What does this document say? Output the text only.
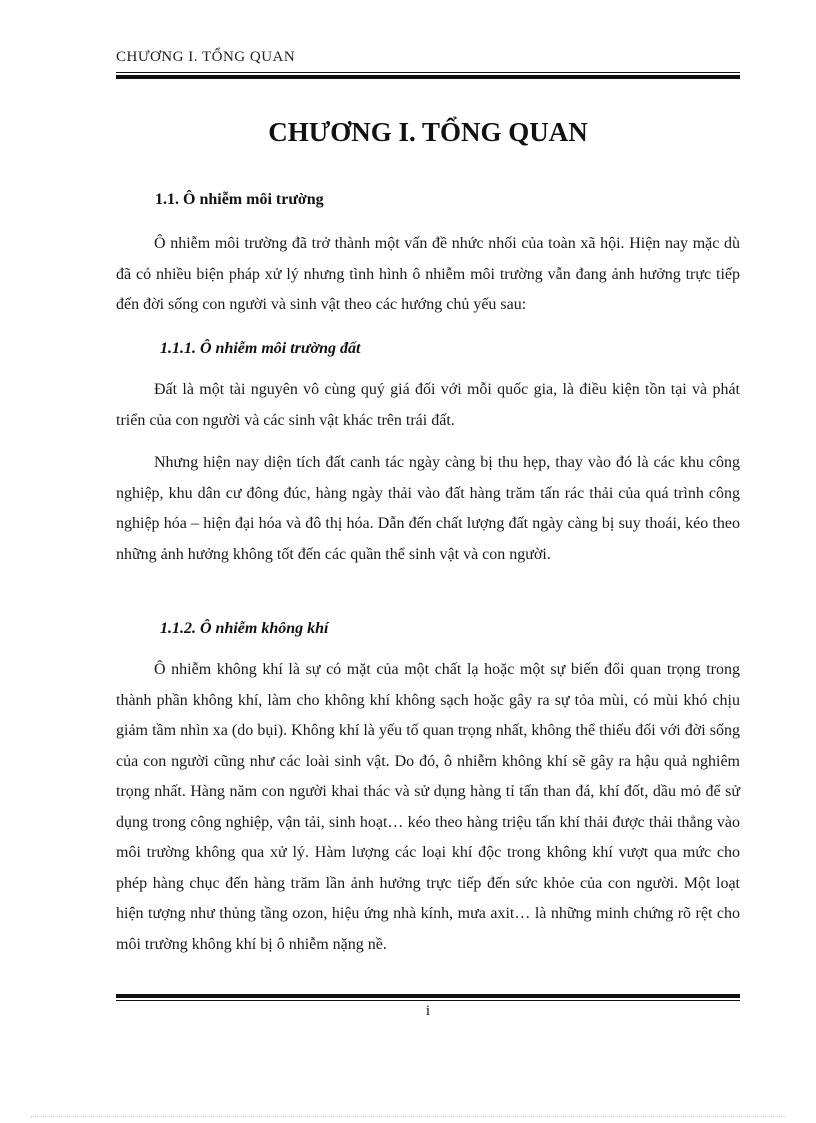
CHƯƠNG I. TỔNG QUAN
CHƯƠNG I. TỔNG QUAN
1.1. Ô nhiễm môi trường

Ô nhiễm môi trường đã trở thành một vấn đề nhức nhối của toàn xã hội. Hiện nay mặc dù đã có nhiều biện pháp xử lý nhưng tình hình ô nhiễm môi trường vẫn đang ảnh hưởng trực tiếp đến đời sống con người và sinh vật theo các hướng chủ yếu sau:

1.1.1. Ô nhiễm môi trường đất

Đất là một tài nguyên vô cùng quý giá đối với mỗi quốc gia, là điều kiện tồn tại và phát triển của con người và các sinh vật khác trên trái đất.

Nhưng hiện nay diện tích đất canh tác ngày càng bị thu hẹp, thay vào đó là các khu công nghiệp, khu dân cư đông đúc, hàng ngày thải vào đất hàng trăm tấn rác thải của quá trình công nghiệp hóa – hiện đại hóa và đô thị hóa. Dẫn đến chất lượng đất ngày càng bị suy thoái, kéo theo những ảnh hưởng không tốt đến các quần thể sinh vật và con người.

1.1.2. Ô nhiễm không khí

Ô nhiễm không khí là sự có mặt của một chất lạ hoặc một sự biến đổi quan trọng trong thành phần không khí, làm cho không khí không sạch hoặc gây ra sự tỏa mùi, có mùi khó chịu giảm tầm nhìn xa (do bụi). Không khí là yếu tố quan trọng nhất, không thể thiếu đối với đời sống của con người cũng như các loài sinh vật. Do đó, ô nhiễm không khí sẽ gây ra hậu quả nghiêm trọng nhất. Hàng năm con người khai thác và sử dụng hàng tỉ tấn than đá, khí đốt, dầu mỏ để sử dụng trong công nghiệp, vận tải, sinh hoạt… kéo theo hàng triệu tấn khí thải được thải thẳng vào môi trường không qua xử lý. Hàm lượng các loại khí độc trong không khí vượt qua mức cho phép hàng chục đến hàng trăm lần ảnh hưởng trực tiếp đến sức khỏe của con người. Một loạt hiện tượng như thủng tầng ozon, hiệu ứng nhà kính, mưa axit… là những minh chứng rõ rệt cho môi trường không khí bị ô nhiễm nặng nề.

i
